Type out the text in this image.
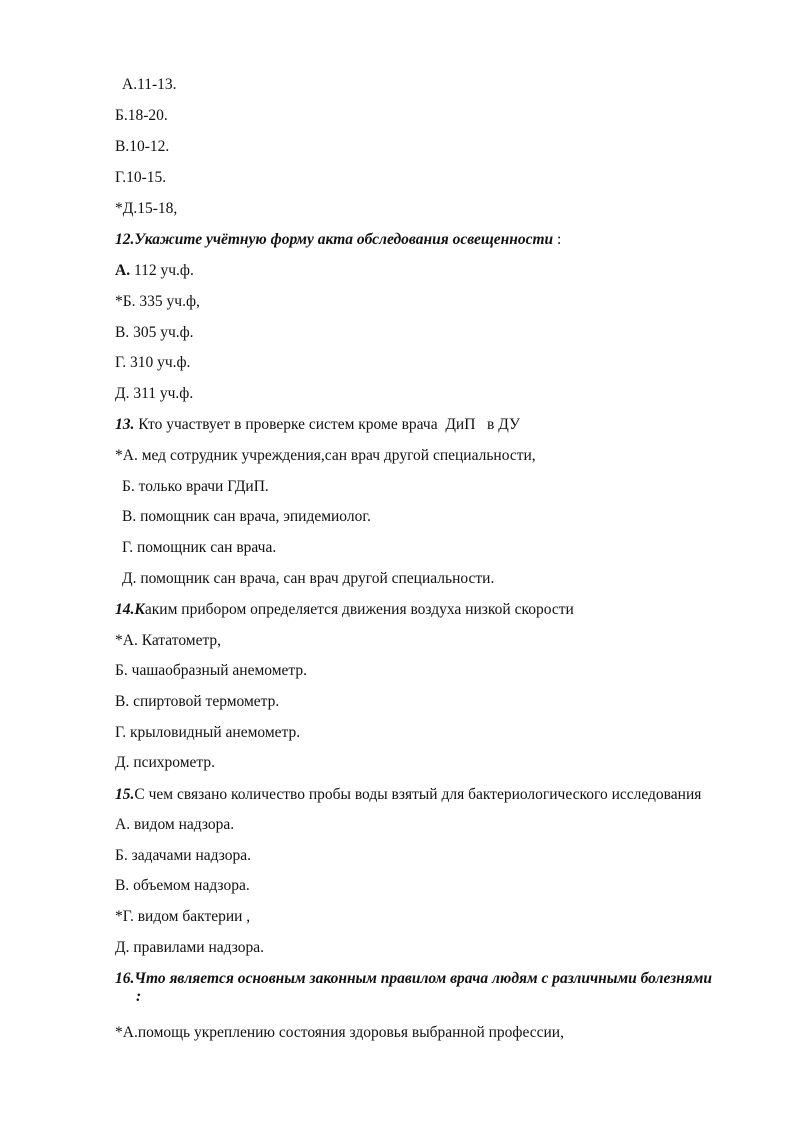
А.11-13.
Б.18-20.
В.10-12.
Г.10-15.
*Д.15-18,
12.Укажите учётную форму акта обследования освещенности :
А. 112 уч.ф.
*Б. 335 уч.ф,
В. 305 уч.ф.
Г. 310 уч.ф.
Д. 311 уч.ф.
13. Кто участвует в проверке систем кроме врача  ДиП   в ДУ
*А. мед сотрудник учреждения,сан врач другой специальности,
Б. только врачи ГДиП.
В. помощник сан врача, эпидемиолог.
Г. помощник сан врача.
Д. помощник сан врача, сан врач другой специальности.
14.Каким прибором определяется движения воздуха низкой скорости
*А. Кататометр,
Б. чашаобразный анемометр.
В. спиртовой термометр.
Г. крыловидный анемометр.
Д. психрометр.
15.С чем связано количество пробы воды взятый для бактериологического исследования
А. видом надзора.
Б. задачами надзора.
В. объемом надзора.
*Г. видом бактерии ,
Д. правилами надзора.
16.Что является основным законным правилом врача людям с различными болезнями
:
*А.помощь укреплению состояния здоровья выбранной профессии,
